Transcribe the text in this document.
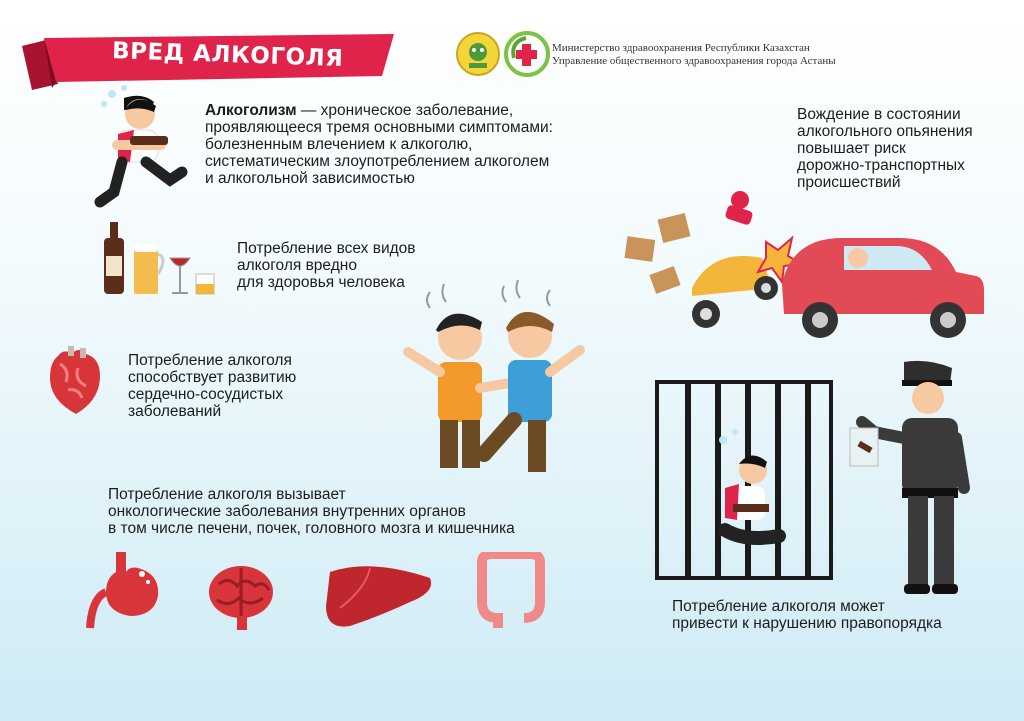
ВРЕД АЛКОГОЛЯ	Министерство здравоохранения Республики Казахстан
Управление общественного здравоохранения города Астаны
Алкоголизм — хроническое заболевание,
проявляющееся тремя основными симптомами:
болезненным влечением к алкоголю,
систематическим злоупотреблением алкоголем
и алкогольной зависимостью
Потребление всех видов
алкоголя вредно
для здоровья человека
Потребление алкоголя
способствует развитию
сердечно-сосудистых
заболеваний
Потребление алкоголя вызывает
онкологические заболевания внутренних органов
в том числе печени, почек, головного мозга и кишечника
Вождение в состоянии
алкогольного опьянения
повышает риск
дорожно-транспортных
происшествий
Потребление алкоголя может
привести к нарушению правопорядка
